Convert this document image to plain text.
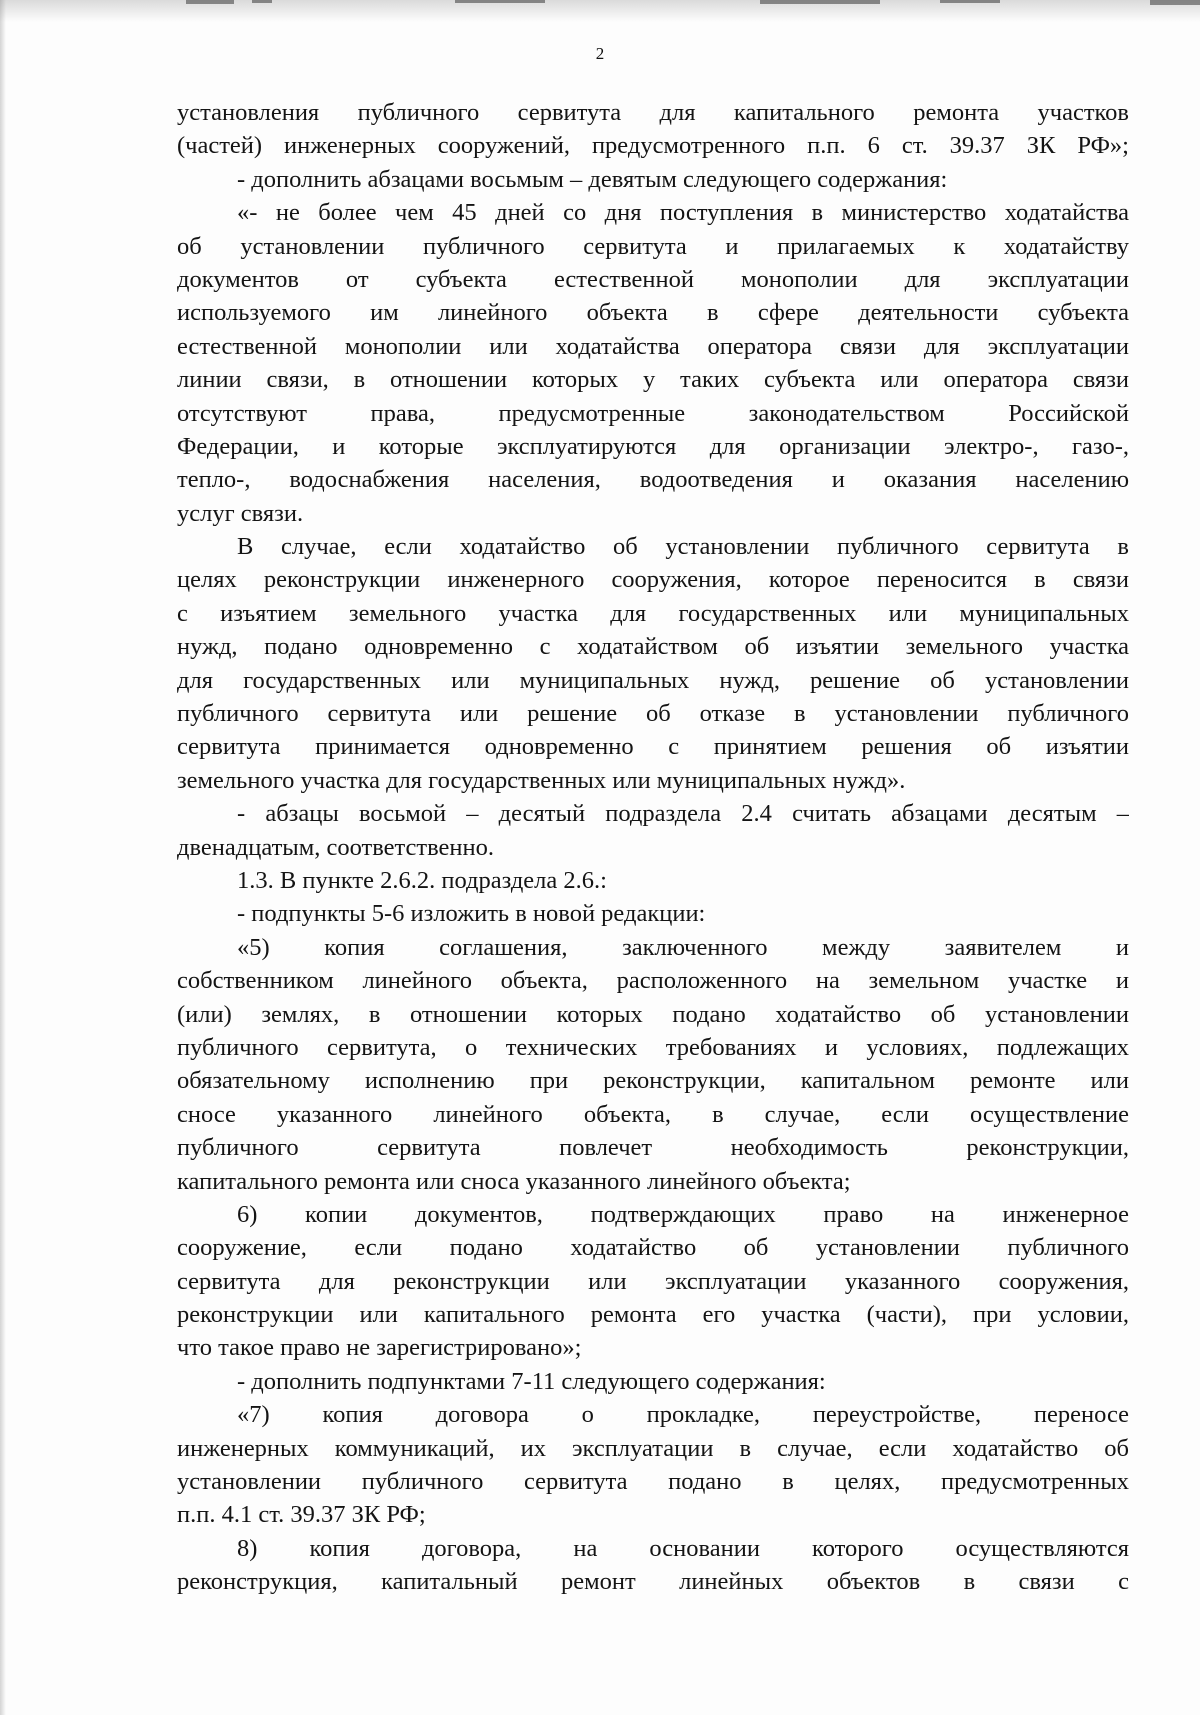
2
установления публичного сервитута для капитального ремонта участков
(частей) инженерных сооружений, предусмотренного п.п. 6 ст. 39.37 ЗК РФ»;
- дополнить абзацами восьмым – девятым следующего содержания:
«- не более чем 45 дней со дня поступления в министерство ходатайства
об установлении публичного сервитута и прилагаемых к ходатайству
документов от субъекта естественной монополии для эксплуатации
используемого им линейного объекта в сфере деятельности субъекта
естественной монополии или ходатайства оператора связи для эксплуатации
линии связи, в отношении которых у таких субъекта или оператора связи
отсутствуют права, предусмотренные законодательством Российской
Федерации, и которые эксплуатируются для организации электро-, газо-,
тепло-, водоснабжения населения, водоотведения и оказания населению
услуг связи.
В случае, если ходатайство об установлении публичного сервитута в
целях реконструкции инженерного сооружения, которое переносится в связи
с изъятием земельного участка для государственных или муниципальных
нужд, подано одновременно с ходатайством об изъятии земельного участка
для государственных или муниципальных нужд, решение об установлении
публичного сервитута или решение об отказе в установлении публичного
сервитута принимается одновременно с принятием решения об изъятии
земельного участка для государственных или муниципальных нужд».
- абзацы восьмой – десятый подраздела 2.4 считать абзацами десятым –
двенадцатым, соответственно.
1.3. В пункте 2.6.2. подраздела 2.6.:
- подпункты 5-6 изложить в новой редакции:
«5) копия соглашения, заключенного между заявителем и
собственником линейного объекта, расположенного на земельном участке и
(или) землях, в отношении которых подано ходатайство об установлении
публичного сервитута, о технических требованиях и условиях, подлежащих
обязательному исполнению при реконструкции, капитальном ремонте или
сносе указанного линейного объекта, в случае, если осуществление
публичного сервитута повлечет необходимость реконструкции,
капитального ремонта или сноса указанного линейного объекта;
6) копии документов, подтверждающих право на инженерное
сооружение, если подано ходатайство об установлении публичного
сервитута для реконструкции или эксплуатации указанного сооружения,
реконструкции или капитального ремонта его участка (части), при условии,
что такое право не зарегистрировано»;
- дополнить подпунктами 7-11 следующего содержания:
«7) копия договора о прокладке, переустройстве, переносе
инженерных коммуникаций, их эксплуатации в случае, если ходатайство об
установлении публичного сервитута подано в целях, предусмотренных
п.п. 4.1 ст. 39.37 ЗК РФ;
8) копия договора, на основании которого осуществляются
реконструкция, капитальный ремонт линейных объектов в связи с
